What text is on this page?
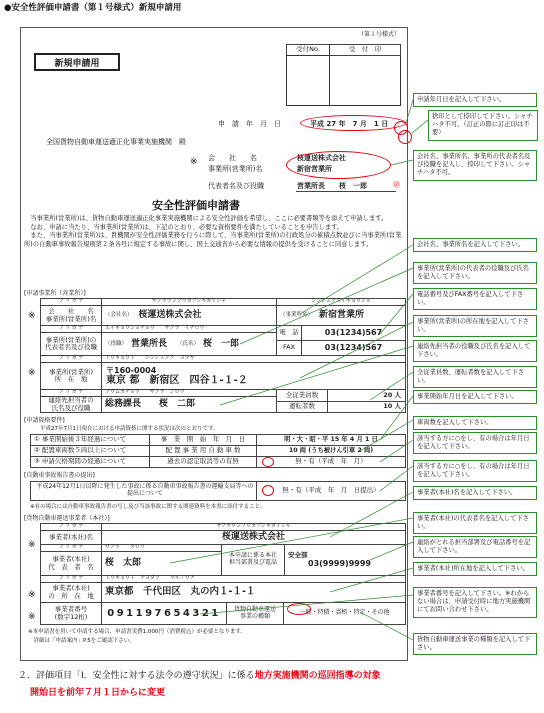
●安全性評価申請書（第１号様式）新規申請用
（第１号様式）
新規申請用
受付No.	受　付　印
申　請　年　月　日	平成 27 年　7 月　1 日
全国貨物自動車運送適正化事業実施機関　殿
※ 会　　社　　名	桜運送株式会社
事業所(営業所)名	新宿営業所
代表者名及び役職	営業所長　　桜　一郎	㊞
安全性評価申請書
　当事業所(営業所)は、貨物自動車運送適正化事業実施機関による安全性評価を希望し、ここに必要書類等を添えて申請します。
　なお、申請に当たり、当事業所(営業所)は、下記のとおり、必要な資格要件を満たしていることを申告します。
　また、当事業所(営業所)は、貴機関が安全性評価業務を行うに際して、当事業所(営業所)の行政処分の累積点数並びに当事業所(営業所)の自動車事故報告規則第２条各号に規定する事故に関し、国土交通省から必要な情報の提供を受けることに同意します。
[申請事業所（営業所）]
※
フ リ ガ ナ	サクラウンソウカブシキガイシャ	シンジュクエイギョウショ
会　　社　　名
事業所(営業所)名	（会社名） 桜運送株式会社	（事業所名） 新宿営業所
フ リ ガ ナ	エイギョウショチョウ　　サクラ　イチロウ
事業所(営業所)の
代表者名及び役職	（役職） 営業所長 （氏名） 桜　一郎
電　話	03(1234)567
FAX	03(1234)567
※
フ リ ガ ナ	トウキョウト　　シンジュクク　ヨツヤ
事業所(営業所)
所　在　地
〒160-0004
東京 都　新宿区　四谷１-１-２
フ リ ガ ナ	ソウムカチョウ　　サクラ　ジロウ
連絡先担当者の
氏名及び役職	総務課長　　桜　二郎
全従業員数	20 人
運転者数	10 人
[申請資格要件]
平成27年7月1日現在における申請資格に関する状況は次のとおりです。
① 事業開始後３年経過について	事　業　開　始　年　月　日	明・大・昭・平 15 年 4 月 1 日
② 配置車両数５両以上について	配 置 事 業 用 自 動 車 数	10 両 (うち被けん引車 2 両)
③ 申請欠格期間の経過について	過去の認定取消等の有無	無・有（平成　年　月）
[自動車事故報告書の提出]
平成24年12月1日以降に発生した事故に係る自動車事故報告書の運輸支局等への提出について	無・有（平成　年　月　日提出）
※有の場合には自動車事故報告書の写し及び当該事故に関する関連資料を本書に添付すること。
[貨物自動車運送事業者（本社）]
※
フ リ ガ ナ	サクラウンソウカブシキガイシャ
事業者(本社)名	桜運送株式会社
フ リ ガ ナ	サクラ　　タロウ
事業者(本社)
代　表　者　名	桜　太郎
本申請に係る本社
担当部署及び電話
安全部
03(9999)9999
※
フ リ ガ ナ	トウキョウト　チヨダク　　マルノウチ
事業者(本社)
の　所　在　地	東京都　千代田区　丸の内１-１-１
※
事業者番号
(数字12桁)	091197654321	貨物自動車運送
事業の種類	一般・特積・霊柩・特定・その他
※本申請書を用いて申請する場合、申請書実費1,000円（消費税込）が必要となります。
　詳細は「申請案内」P.5をご確認下さい。
申請年月日を記入して下さい。
捨印として捺印して下さい。シャチハタ不可。（訂正の際に訂正印は不要）
会社名、事業所名、事業所の代表者名及び役職を記入し、捺印して下さい。シャチハタ不可。
会社名、事業所名を記入して下さい。
事業所(営業所)の代表者の役職及び氏名を記入して下さい。
電話番号及びFAX番号を記入して下さい。
事業所(営業所)の所在地を記入して下さい。
連絡先担当者の役職及び氏名を記入して下さい。
全従業員数、運転者数を記入して下さい。
事業開始年月日を記入して下さい。
車両数を記入して下さい。
該当する方に○をし、有の場合は年月日を記入して下さい。
該当する方に○をし、有の場合は年月日を記入して下さい。
事業者(本社)名を記入して下さい。
事業者(本社)の代表者名を記入して下さい。
連絡がとれる担当部署及び電話番号を記入して下さい。
事業者(本社)所在地を記入して下さい。
事業者番号を記入して下さい。※わからない場合は、申請受付時に地方実施機関にてお問い合わせ下さい。
貨物自動車運送事業の種類を記入して下さい。
２．評価項目「Ⅰ．安全性に対する法令の遵守状況」に係る地方実施機関の巡回指導の対象
開始日を前年７月１日からに変更
